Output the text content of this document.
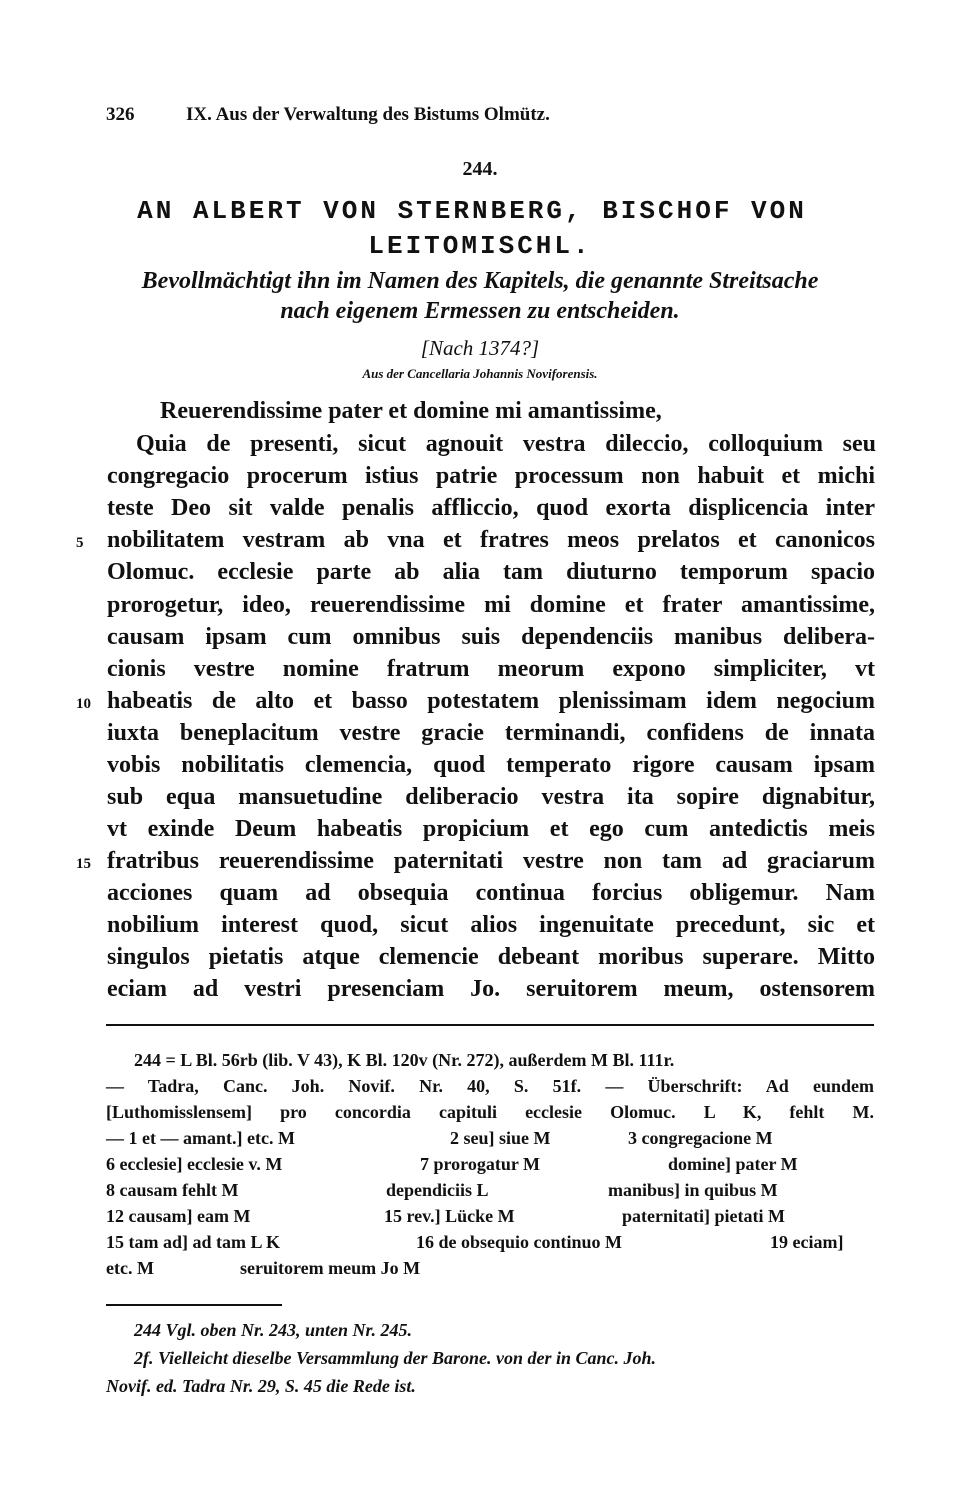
326	IX. Aus der Verwaltung des Bistums Olmütz.
244.
AN ALBERT VON STERNBERG, BISCHOF VON
LEITOMISCHL.
Bevollmächtigt ihn im Namen des Kapitels, die genannte Streitsache
nach eigenem Ermessen zu entscheiden.
[Nach 1374?]
Aus der Cancellaria Johannis Noviforensis.
Reuerendissime pater et domine mi amantissime,
Quia de presenti, sicut agnouit vestra dileccio, colloquium seu
congregacio procerum istius patrie processum non habuit et michi
teste Deo sit valde penalis affliccio, quod exorta displicencia inter
nobilitatem vestram ab vna et fratres meos prelatos et canonicos
5
Olomuc. ecclesie parte ab alia tam diuturno temporum spacio
prorogetur, ideo, reuerendissime mi domine et frater amantissime,
causam ipsam cum omnibus suis dependenciis manibus delibera-
cionis vestre nomine fratrum meorum expono simpliciter, vt
habeatis de alto et basso potestatem plenissimam idem negocium
10
iuxta beneplacitum vestre gracie terminandi, confidens de innata
vobis nobilitatis clemencia, quod temperato rigore causam ipsam
sub equa mansuetudine deliberacio vestra ita sopire dignabitur,
vt exinde Deum habeatis propicium et ego cum antedictis meis
fratribus reuerendissime paternitati vestre non tam ad graciarum
15
acciones quam ad obsequia continua forcius obligemur. Nam
nobilium interest quod, sicut alios ingenuitate precedunt, sic et
singulos pietatis atque clemencie debeant moribus superare. Mitto
eciam ad vestri presenciam Jo. seruitorem meum, ostensorem
244 = L Bl. 56rb (lib. V 43), K Bl. 120v (Nr. 272), außerdem M Bl. 111r.
— Tadra, Canc. Joh. Novif. Nr. 40, S. 51f. — Überschrift: Ad eundem
[Luthomisslensem] pro concordia capituli ecclesie Olomuc. L K, fehlt M.
— 1 et — amant.] etc. M	2 seu] siue M	3 congregacione M
6 ecclesie] ecclesie v. M	7 prorogatur M	domine] pater M
8 causam fehlt M	dependiciis L	manibus] in quibus M
12 causam] eam M	15 rev.] Lücke M	paternitati] pietati M
15 tam ad] ad tam L K	16 de obsequio continuo M	19 eciam]
etc. M	seruitorem meum Jo M
244 Vgl. oben Nr. 243, unten Nr. 245.
2f. Vielleicht dieselbe Versammlung der Barone. von der in Canc. Joh.
Novif. ed. Tadra Nr. 29, S. 45 die Rede ist.
